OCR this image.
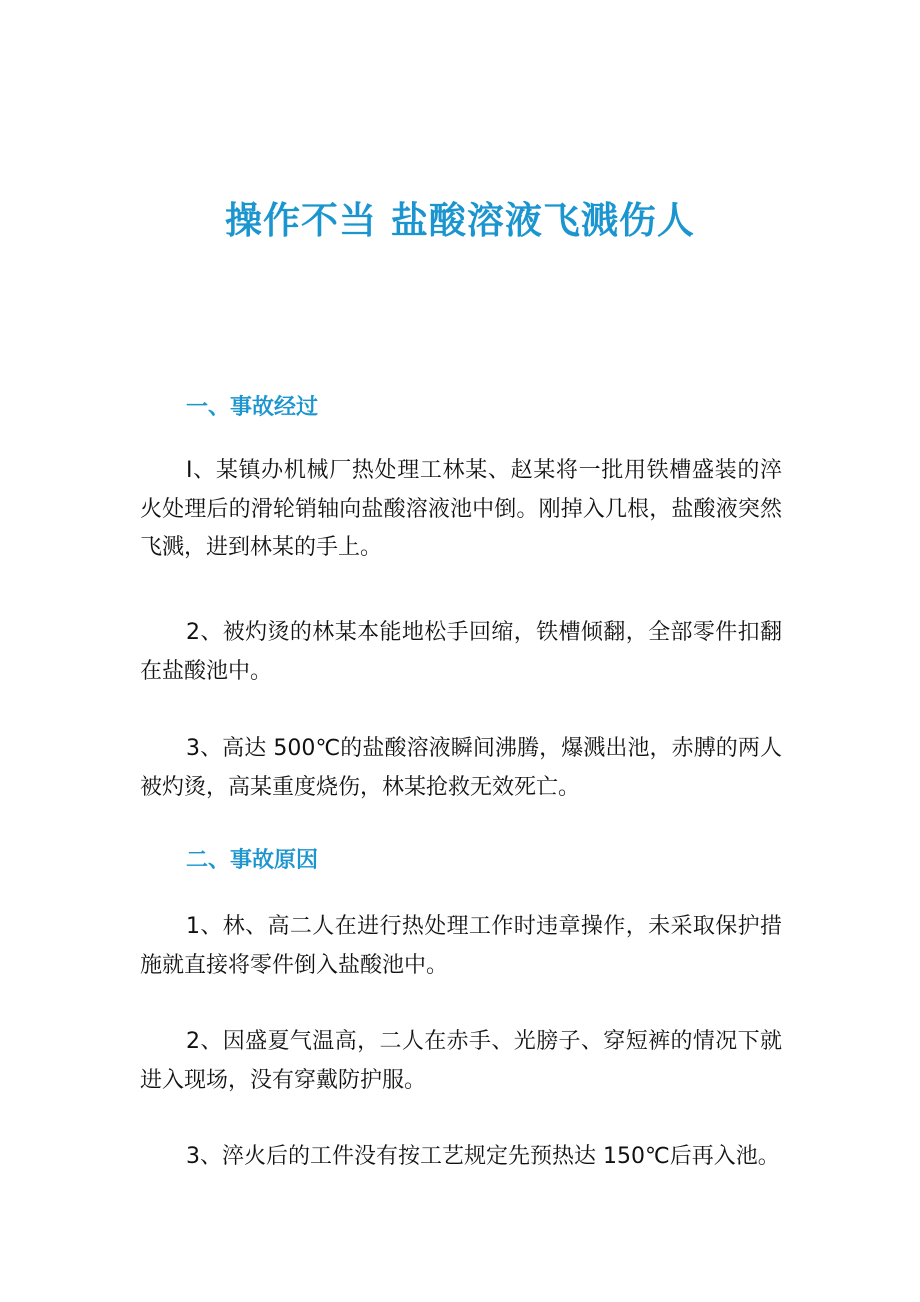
操作不当 盐酸溶液飞溅伤人
一、事故经过

I、某镇办机械厂热处理工林某、赵某将一批用铁槽盛装的淬火处理后的滑轮销轴向盐酸溶液池中倒。刚掉入几根，盐酸液突然飞溅，进到林某的手上。

2、被灼烫的林某本能地松手回缩，铁槽倾翻，全部零件扣翻在盐酸池中。

3、高达 500℃的盐酸溶液瞬间沸腾，爆溅出池，赤膊的两人被灼烫，高某重度烧伤，林某抢救无效死亡。

二、事故原因

1、林、高二人在进行热处理工作时违章操作，未采取保护措施就直接将零件倒入盐酸池中。

2、因盛夏气温高，二人在赤手、光膀子、穿短裤的情况下就进入现场，没有穿戴防护服。

3、淬火后的工件没有按工艺规定先预热达 150℃后再入池。
